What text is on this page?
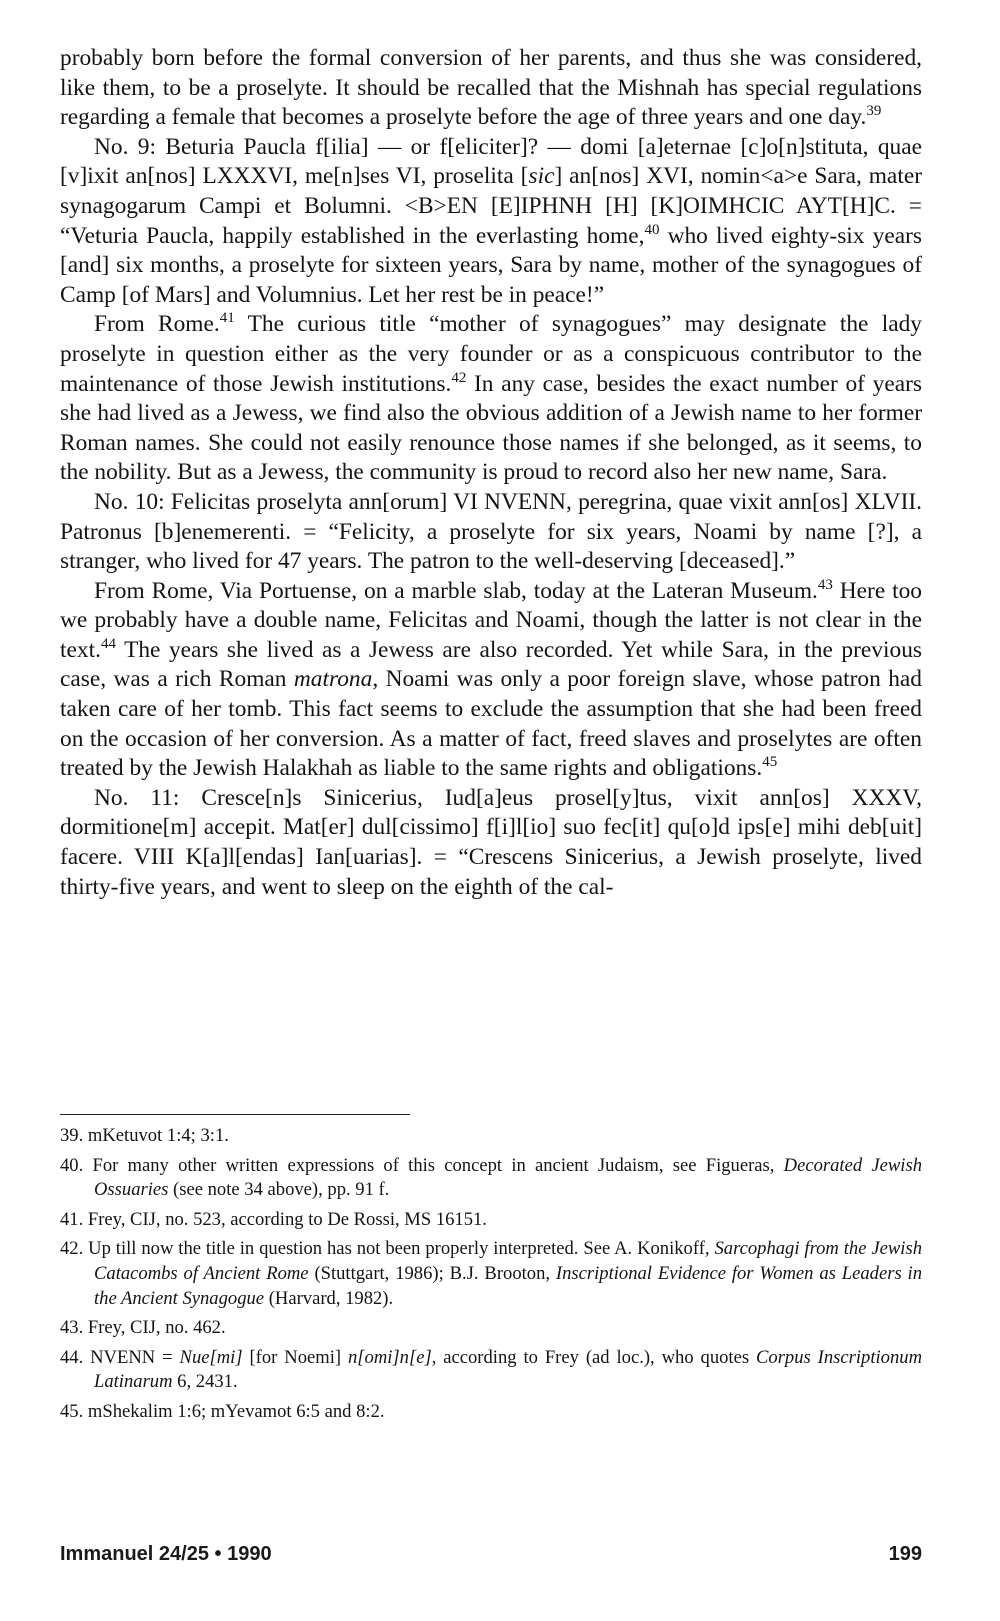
probably born before the formal conversion of her parents, and thus she was considered, like them, to be a proselyte. It should be recalled that the Mishnah has special regulations regarding a female that becomes a proselyte before the age of three years and one day.$^{39}$

No. 9: Beturia Paucla f[ilia] — or f[eliciter]? — domi [a]eternae [c]o[n]stituta, quae [v]ixit an[nos] LXXXVI, me[n]ses VI, proselita [sic] an[nos] XVI, nomin<a>e Sara, mater synagogarum Campi et Bolumni. <B>EN [E]IPHNH [H] [K]OIMHCIC AYT[H]C. = “Veturia Paucla, happily established in the everlasting home,$^{40}$ who lived eighty-six years [and] six months, a proselyte for sixteen years, Sara by name, mother of the synagogues of Camp [of Mars] and Volumnius. Let her rest be in peace!”

From Rome.$^{41}$ The curious title “mother of synagogues” may designate the lady proselyte in question either as the very founder or as a conspicuous contributor to the maintenance of those Jewish institutions.$^{42}$ In any case, besides the exact number of years she had lived as a Jewess, we find also the obvious addition of a Jewish name to her former Roman names. She could not easily renounce those names if she belonged, as it seems, to the nobility. But as a Jewess, the community is proud to record also her new name, Sara.

No. 10: Felicitas proselyta ann[orum] VI NVENN, peregrina, quae vixit ann[os] XLVII. Patronus [b]enemerenti. = “Felicity, a proselyte for six years, Noami by name [?], a stranger, who lived for 47 years. The patron to the well-deserving [deceased].”

From Rome, Via Portuense, on a marble slab, today at the Lateran Museum.$^{43}$ Here too we probably have a double name, Felicitas and Noami, though the latter is not clear in the text.$^{44}$ The years she lived as a Jewess are also recorded. Yet while Sara, in the previous case, was a rich Roman matrona, Noami was only a poor foreign slave, whose patron had taken care of her tomb. This fact seems to exclude the assumption that she had been freed on the occasion of her conversion. As a matter of fact, freed slaves and proselytes are often treated by the Jewish Halakhah as liable to the same rights and obligations.$^{45}$

No. 11: Cresce[n]s Sinicerius, Iud[a]eus prosel[y]tus, vixit ann[os] XXXV, dormitione[m] accepit. Mat[er] dul[cissimo] f[i]l[io] suo fec[it] qu[o]d ips[e] mihi deb[uit] facere. VIII K[a]l[endas] Ian[uarias]. = “Crescens Sinicerius, a Jewish proselyte, lived thirty-five years, and went to sleep on the eighth of the cal-

39. mKetuvot 1:4; 3:1.

40. For many other written expressions of this concept in ancient Judaism, see Figueras, Decorated Jewish Ossuaries (see note 34 above), pp. 91 f.

41. Frey, CIJ, no. 523, according to De Rossi, MS 16151.

42. Up till now the title in question has not been properly interpreted. See A. Konikoff, Sarcophagi from the Jewish Catacombs of Ancient Rome (Stuttgart, 1986); B.J. Brooton, Inscriptional Evidence for Women as Leaders in the Ancient Synagogue (Harvard, 1982).

43. Frey, CIJ, no. 462.

44. NVENN = Nue[mi] [for Noemi] n[omi]n[e], according to Frey (ad loc.), who quotes Corpus Inscriptionum Latinarum 6, 2431.

45. mShekalim 1:6; mYevamot 6:5 and 8:2.

Immanuel 24/25 • 1990	199
